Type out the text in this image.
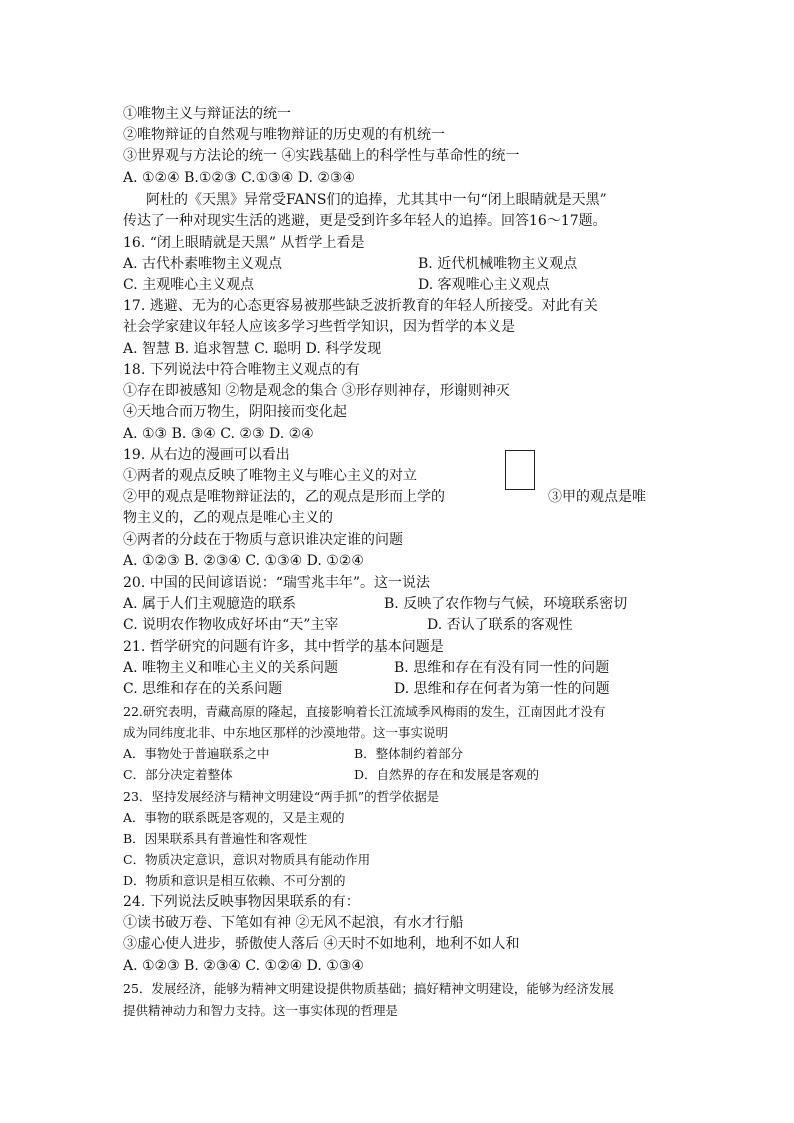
①唯物主义与辩证法的统一
②唯物辩证的自然观与唯物辩证的历史观的有机统一
③世界观与方法论的统一 ④实践基础上的科学性与革命性的统一
A. ①②④ B.①②③ C.①③④ D. ②③④
阿杜的《天黑》异常受FANS们的追捧，尤其其中一句“闭上眼睛就是天黑”
传达了一种对现实生活的逃避，更是受到许多年轻人的追捧。回答16～17题。
16. “闭上眼睛就是天黑” 从哲学上看是
A. 古代朴素唯物主义观点	B. 近代机械唯物主义观点
C. 主观唯心主义观点	D. 客观唯心主义观点
17. 逃避、无为的心态更容易被那些缺乏波折教育的年轻人所接受。对此有关
社会学家建议年轻人应该多学习些哲学知识，因为哲学的本义是
A. 智慧 B. 追求智慧 C. 聪明 D. 科学发现
18. 下列说法中符合唯物主义观点的有
①存在即被感知 ②物是观念的集合 ③形存则神存，形谢则神灭
④天地合而万物生，阴阳接而变化起
A. ①③ B. ③④ C. ②③ D. ②④
19. 从右边的漫画可以看出
①两者的观点反映了唯物主义与唯心主义的对立
②甲的观点是唯物辩证法的，乙的观点是形而上学的	③甲的观点是唯
物主义的，乙的观点是唯心主义的
④两者的分歧在于物质与意识谁决定谁的问题
A. ①②③ B. ②③④ C. ①③④ D. ①②④
20. 中国的民间谚语说：“瑞雪兆丰年”。这一说法
A. 属于人们主观臆造的联系	B. 反映了农作物与气候，环境联系密切
C. 说明农作物收成好坏由“天”主宰	D. 否认了联系的客观性
21. 哲学研究的问题有许多，其中哲学的基本问题是
A. 唯物主义和唯心主义的关系问题	B. 思维和存在有没有同一性的问题
C. 思维和存在的关系问题	D. 思维和存在何者为第一性的问题
22.研究表明，青藏高原的隆起，直接影响着长江流域季风梅雨的发生，江南因此才没有
成为同纬度北非、中东地区那样的沙漠地带。这一事实说明
A．事物处于普遍联系之中	B．整体制约着部分
C．部分决定着整体	D．自然界的存在和发展是客观的
23．坚持发展经济与精神文明建设“两手抓”的哲学依据是
A．事物的联系既是客观的，又是主观的
B．因果联系具有普遍性和客观性
C．物质决定意识，意识对物质具有能动作用
D．物质和意识是相互依赖、不可分割的
24. 下列说法反映事物因果联系的有：
①读书破万卷、下笔如有神 ②无风不起浪，有水才行船
③虚心使人进步，骄傲使人落后 ④天时不如地利，地利不如人和
A. ①②③ B. ②③④ C. ①②④ D. ①③④
25．发展经济，能够为精神文明建设提供物质基础；搞好精神文明建设，能够为经济发展
提供精神动力和智力支持。这一事实体现的哲理是
